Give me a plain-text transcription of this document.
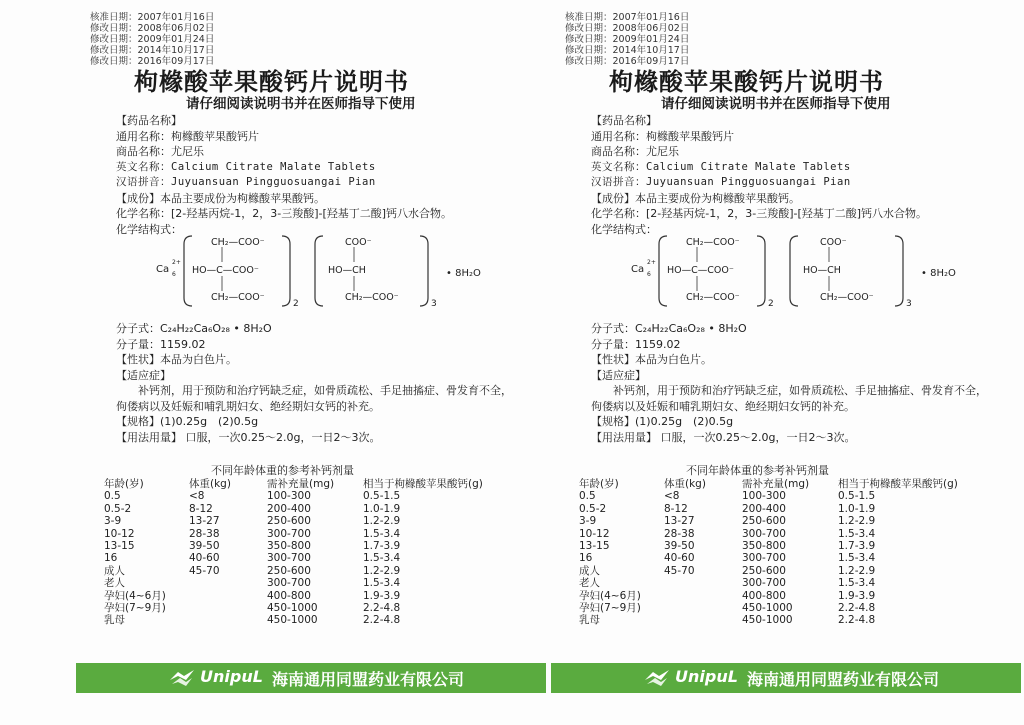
核准日期：2007年01月16日
修改日期：2008年06月02日
修改日期：2009年01月24日
修改日期：2014年10月17日
修改日期：2016年09月17日
枸橼酸苹果酸钙片说明书
请仔细阅读说明书并在医师指导下使用
【药品名称】
通用名称：枸橼酸苹果酸钙片
商品名称：尤尼乐
英文名称：Calcium Citrate Malate Tablets
汉语拼音：Juyuansuan Pingguosuangai Pian
【成份】本品主要成份为枸橼酸苹果酸钙。
化学名称：[2-羟基丙烷-1，2，3-三羧酸]-[羟基丁二酸]钙八水合物。
化学结构式：
Ca
2+
6
CH₂—COO⁻
HO—C—COO⁻
CH₂—COO⁻
2
COO⁻
HO—CH
CH₂—COO⁻
3
• 8H₂O
分子式：C₂₄H₂₂Ca₆O₂₈ • 8H₂O
分子量：1159.02
【性状】本品为白色片。
【适应症】
补钙剂，用于预防和治疗钙缺乏症，如骨质疏松、手足抽搐症、骨发育不全，佝偻病以及妊娠和哺乳期妇女、绝经期妇女钙的补充。
【规格】(1)0.25g　(2)0.5g
【用法用量】 口服，一次0.25～2.0g，一日2～3次。
不同年龄体重的参考补钙剂量
年龄(岁)	体重(kg)	需补充量(mg)	相当于枸橼酸苹果酸钙(g)
0.5	<8	100-300	0.5-1.5
0.5-2	8-12	200-400	1.0-1.9
3-9	13-27	250-600	1.2-2.9
10-12	28-38	300-700	1.5-3.4
13-15	39-50	350-800	1.7-3.9
16	40-60	300-700	1.5-3.4
成人	45-70	250-600	1.2-2.9
老人		300-700	1.5-3.4
孕妇(4~6月)		400-800	1.9-3.9
孕妇(7~9月)		450-1000	2.2-4.8
乳母		450-1000	2.2-4.8
UnipuL 海南通用同盟药业有限公司
核准日期：2007年01月16日
修改日期：2008年06月02日
修改日期：2009年01月24日
修改日期：2014年10月17日
修改日期：2016年09月17日
枸橼酸苹果酸钙片说明书
请仔细阅读说明书并在医师指导下使用
【药品名称】
通用名称：枸橼酸苹果酸钙片
商品名称：尤尼乐
英文名称：Calcium Citrate Malate Tablets
汉语拼音：Juyuansuan Pingguosuangai Pian
【成份】本品主要成份为枸橼酸苹果酸钙。
化学名称：[2-羟基丙烷-1，2，3-三羧酸]-[羟基丁二酸]钙八水合物。
化学结构式：
Ca
2+
6
CH₂—COO⁻
HO—C—COO⁻
CH₂—COO⁻
2
COO⁻
HO—CH
CH₂—COO⁻
3
• 8H₂O
分子式：C₂₄H₂₂Ca₆O₂₈ • 8H₂O
分子量：1159.02
【性状】本品为白色片。
【适应症】
补钙剂，用于预防和治疗钙缺乏症，如骨质疏松、手足抽搐症、骨发育不全，佝偻病以及妊娠和哺乳期妇女、绝经期妇女钙的补充。
【规格】(1)0.25g　(2)0.5g
【用法用量】 口服，一次0.25～2.0g，一日2～3次。
不同年龄体重的参考补钙剂量
年龄(岁)	体重(kg)	需补充量(mg)	相当于枸橼酸苹果酸钙(g)
0.5	<8	100-300	0.5-1.5
0.5-2	8-12	200-400	1.0-1.9
3-9	13-27	250-600	1.2-2.9
10-12	28-38	300-700	1.5-3.4
13-15	39-50	350-800	1.7-3.9
16	40-60	300-700	1.5-3.4
成人	45-70	250-600	1.2-2.9
老人		300-700	1.5-3.4
孕妇(4~6月)		400-800	1.9-3.9
孕妇(7~9月)		450-1000	2.2-4.8
乳母		450-1000	2.2-4.8
UnipuL 海南通用同盟药业有限公司
